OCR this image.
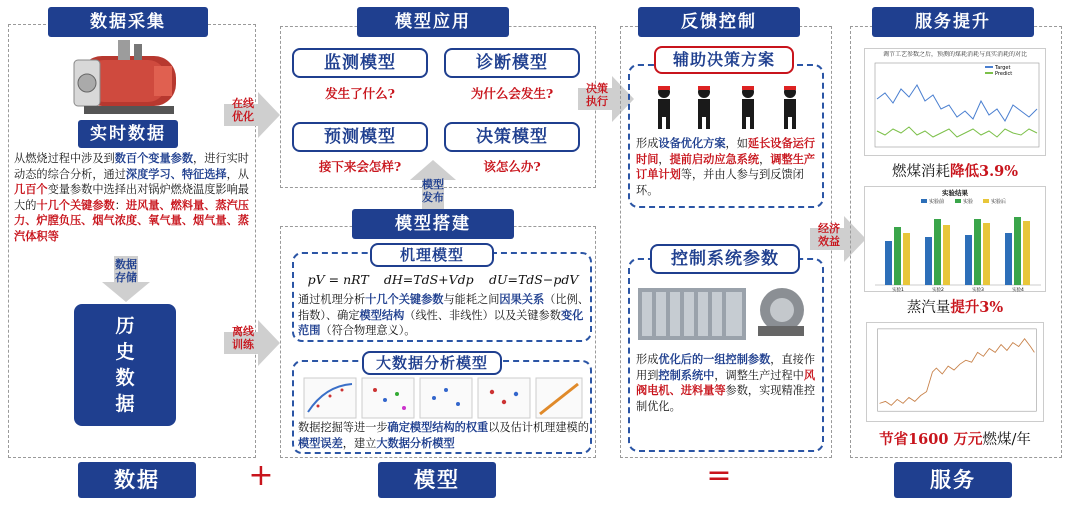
数据采集
实时数据
从燃烧过程中涉及到数百个变量参数，进行实时动态的综合分析，通过深度学习、特征选择，从几百个变量参数中选择出对锅炉燃烧温度影响最大的十几个关键参数：进风量、燃料量、蒸汽压力、炉膛负压、烟气浓度、氧气量、烟气量、蒸汽体积等
数据存储
历史数据
在线优化
离线训练
模型应用
监测模型
发生了什么?
诊断模型
为什么会发生?
预测模型
接下来会怎样?
决策模型
该怎么办?
模型发布
模型搭建
机理模型
pV = nRT dH=TdS+Vdp dU=TdS−pdV
通过机理分析十几个关键参数与能耗之间因果关系（比例、指数）、确定模型结构（线性、非线性）以及关键参数变化范围（符合物理意义）。
大数据分析模型
数据挖掘等进一步确定模型结构的权重以及估计机理建模的模型误差，建立大数据分析模型
决策执行
反馈控制
辅助决策方案
形成设备优化方案，如延长设备运行时间，提前启动应急系统，调整生产订单计划等，并由人参与到反馈闭环。
控制系统参数
形成优化后的一组控制参数，直接作用到控制系统中，调整生产过程中风阀电机、进料量等参数，实现精准控制优化。
经济效益
服务提升
调节工艺参数之后，预测的煤耗消耗与真实消耗的对比
Target
Predict
燃煤消耗降低3.9%
实验结果
实验前	实验	实验后
实验1	实验2	实验3	实验4
蒸汽量提升3%
节省1600 万元燃煤/年
数据	+	模型	=	服务
